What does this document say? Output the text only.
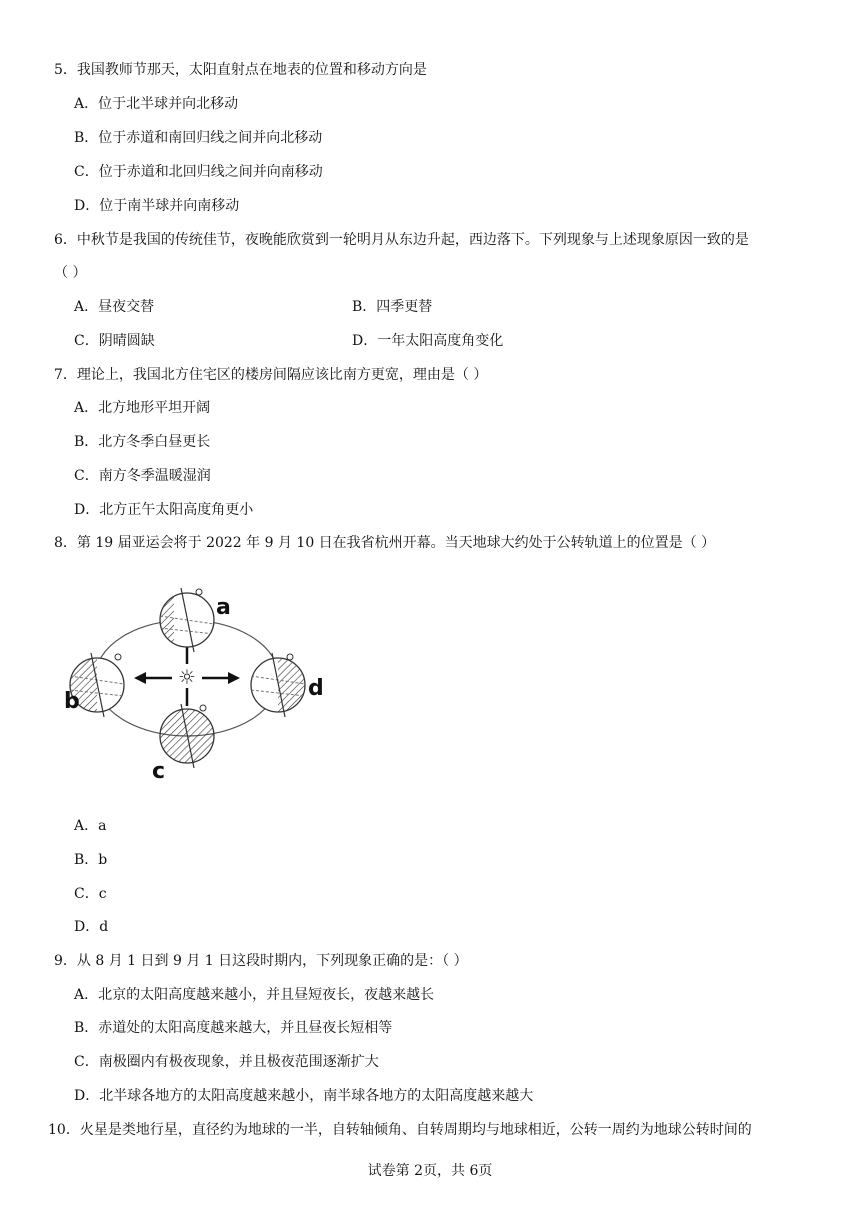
5．我国教师节那天，太阳直射点在地表的位置和移动方向是
A．位于北半球并向北移动
B．位于赤道和南回归线之间并向北移动
C．位于赤道和北回归线之间并向南移动
D．位于南半球并向南移动
6．中秋节是我国的传统佳节，夜晚能欣赏到一轮明月从东边升起，西边落下。下列现象与上述现象原因一致的是
（ ）
A．昼夜交替	B．四季更替
C．阴晴圆缺	D．一年太阳高度角变化
7．理论上，我国北方住宅区的楼房间隔应该比南方更宽，理由是（ ）
A．北方地形平坦开阔
B．北方冬季白昼更长
C．南方冬季温暖湿润
D．北方正午太阳高度角更小
8．第 19 届亚运会将于 2022 年 9 月 10 日在我省杭州开幕。当天地球大约处于公转轨道上的位置是（ ）
☼
a
b
c
d
A．a
B．b
C．c
D．d
9．从 8 月 1 日到 9 月 1 日这段时期内，下列现象正确的是：（ ）
A．北京的太阳高度越来越小，并且昼短夜长，夜越来越长
B．赤道处的太阳高度越来越大，并且昼夜长短相等
C．南极圈内有极夜现象，并且极夜范围逐渐扩大
D．北半球各地方的太阳高度越来越小，南半球各地方的太阳高度越来越大
10．火星是类地行星，直径约为地球的一半，自转轴倾角、自转周期均与地球相近，公转一周约为地球公转时间的
试卷第 2页，共 6页
